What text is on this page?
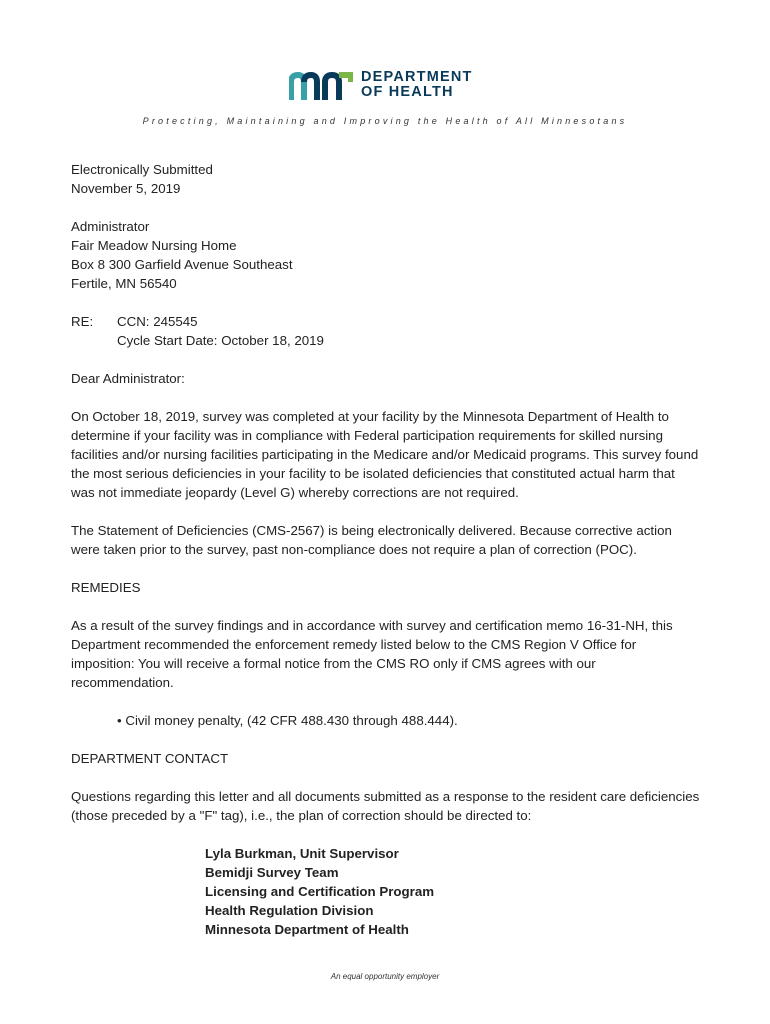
DEPARTMENT
OF HEALTH
Protecting, Maintaining and Improving the Health of All Minnesotans

Electronically Submitted

November 5, 2019

Administrator

Fair Meadow Nursing Home

Box 8 300 Garfield Avenue Southeast

Fertile, MN 56540

RE:	CCN: 245545

Cycle Start Date: October 18, 2019

Dear Administrator:

On October 18, 2019, survey was completed at your facility by the Minnesota Department of Health to determine if your facility was in compliance with Federal participation requirements for skilled nursing facilities and/or nursing facilities participating in the Medicare and/or Medicaid programs. This survey found the most serious deficiencies in your facility to be isolated deficiencies that constituted actual harm that was not immediate jeopardy (Level G) whereby corrections are not required.

The Statement of Deficiencies (CMS-2567) is being electronically delivered. Because corrective action were taken prior to the survey, past non-compliance does not require a plan of correction (POC).

REMEDIES

As a result of the survey findings and in accordance with survey and certification memo 16-31-NH, this Department recommended the enforcement remedy listed below to the CMS Region V Office for imposition: You will receive a formal notice from the CMS RO only if CMS agrees with our recommendation.

• Civil money penalty, (42 CFR 488.430 through 488.444).

DEPARTMENT CONTACT

Questions regarding this letter and all documents submitted as a response to the resident care deficiencies (those preceded by a "F" tag), i.e., the plan of correction should be directed to:

Lyla Burkman, Unit Supervisor

Bemidji Survey Team

Licensing and Certification Program

Health Regulation Division

Minnesota Department of Health

An equal opportunity employer
